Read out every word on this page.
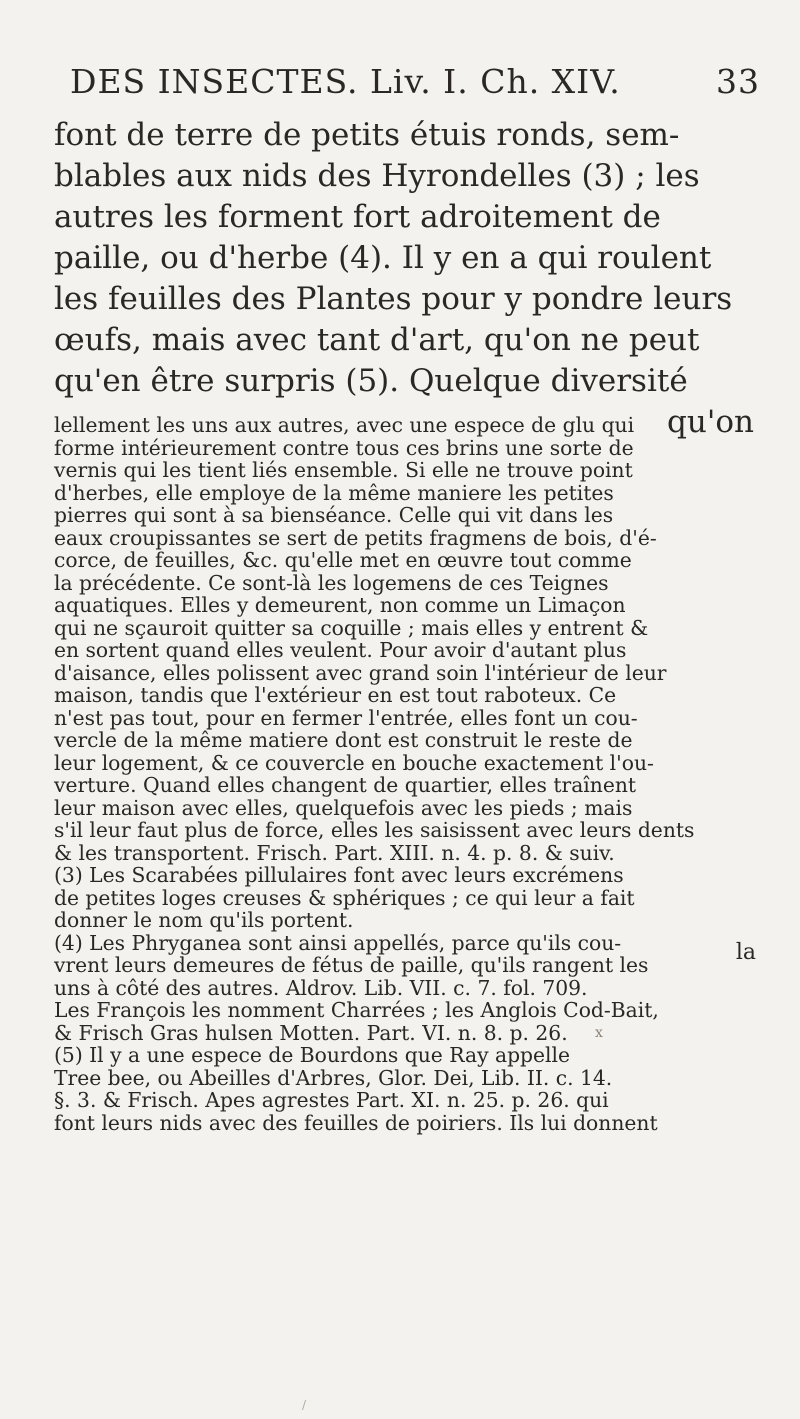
DES INSECTES. Liv. I. Ch. XIV.	33

font de terre de petits étuis ronds, sem-

blables aux nids des Hyrondelles (3) ; les

autres les forment fort adroitement de

paille, ou d'herbe (4). Il y en a qui roulent

les feuilles des Plantes pour y pondre leurs

œufs, mais avec tant d'art, qu'on ne peut

qu'en être surpris (5). Quelque diversité

qu'on
lellement les uns aux autres, avec une espece de glu qui
forme intérieurement contre tous ces brins une sorte de
vernis qui les tient liés ensemble. Si elle ne trouve point
d'herbes, elle employe de la même maniere les petites
pierres qui sont à sa bienséance. Celle qui vit dans les
eaux croupissantes se sert de petits fragmens de bois, d'é-
corce, de feuilles, &c. qu'elle met en œuvre tout comme
la précédente. Ce sont-là les logemens de ces Teignes
aquatiques. Elles y demeurent, non comme un Limaçon
qui ne sçauroit quitter sa coquille ; mais elles y entrent &
en sortent quand elles veulent. Pour avoir d'autant plus
d'aisance, elles polissent avec grand soin l'intérieur de leur
maison, tandis que l'extérieur en est tout raboteux. Ce
n'est pas tout, pour en fermer l'entrée, elles font un cou-
vercle de la même matiere dont est construit le reste de
leur logement, & ce couvercle en bouche exactement l'ou-
verture. Quand elles changent de quartier, elles traînent
leur maison avec elles, quelquefois avec les pieds ; mais
s'il leur faut plus de force, elles les saisissent avec leurs dents
& les transportent. Frisch. Part. XIII. n. 4. p. 8. & suiv.
(3) Les Scarabées pillulaires font avec leurs excrémens
de petites loges creuses & sphériques ; ce qui leur a fait
donner le nom qu'ils portent.
(4) Les Phryganea sont ainsi appellés, parce qu'ils cou-
vrent leurs demeures de fétus de paille, qu'ils rangent les
uns à côté des autres. Aldrov. Lib. VII. c. 7. fol. 709.
Les François les nomment Charrées ; les Anglois Cod-Bait,
& Frisch Gras hulsen Motten. Part. VI. n. 8. p. 26.
(5) Il y a une espece de Bourdons que Ray appelle
Tree bee, ou Abeilles d'Arbres, Glor. Dei, Lib. II. c. 14.
§. 3. & Frisch. Apes agrestes Part. XI. n. 25. p. 26. qui
font leurs nids avec des feuilles de poiriers. Ils lui donnent
la
x
/
